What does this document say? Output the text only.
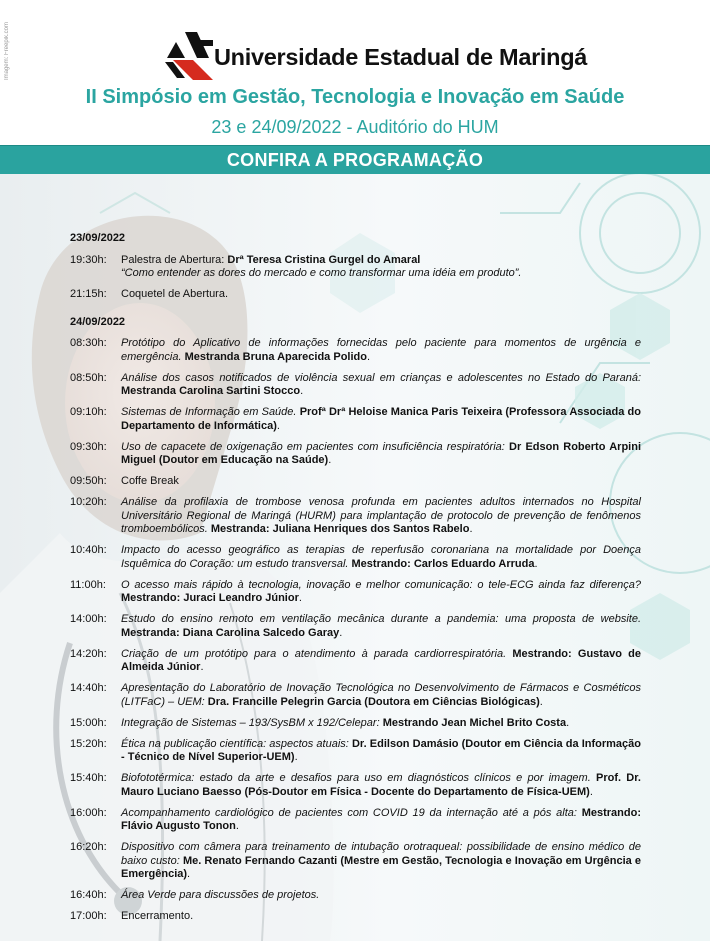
Imagem: Freepik.com	Universidade Estadual de Maringá
II Simpósio em Gestão, Tecnologia e Inovação em Saúde
23 e 24/09/2022 - Auditório do HUM
CONFIRA A PROGRAMAÇÃO
23/09/2022
19:30h:	Palestra de Abertura: Drª Teresa Cristina Gurgel do Amaral
“Como entender as dores do mercado e como transformar uma idéia em produto”.
21:15h:	Coquetel de Abertura.
24/09/2022
08:30h:	Protótipo do Aplicativo de informações fornecidas pelo paciente para momentos de urgência e emergência. Mestranda Bruna Aparecida Polido.
08:50h:	Análise dos casos notificados de violência sexual em crianças e adolescentes no Estado do Paraná: Mestranda Carolina Sartini Stocco.
09:10h:	Sistemas de Informação em Saúde. Profª Drª Heloise Manica Paris Teixeira (Professora Associada do Departamento de Informática).
09:30h:	Uso de capacete de oxigenação em pacientes com insuficiência respiratória: Dr Edson Roberto Arpini Miguel (Doutor em Educação na Saúde).
09:50h:	Coffe Break
10:20h:	Análise da profilaxia de trombose venosa profunda em pacientes adultos internados no Hospital Universitário Regional de Maringá (HURM) para implantação de protocolo de prevenção de fenômenos tromboembólicos. Mestranda: Juliana Henriques dos Santos Rabelo.
10:40h:	Impacto do acesso geográfico as terapias de reperfusão coronariana na mortalidade por Doença Isquêmica do Coração: um estudo transversal. Mestrando: Carlos Eduardo Arruda.
11:00h:	O acesso mais rápido à tecnologia, inovação e melhor comunicação: o tele-ECG ainda faz diferença? Mestrando: Juraci Leandro Júnior.
14:00h:	Estudo do ensino remoto em ventilação mecânica durante a pandemia: uma proposta de website. Mestranda: Diana Carolina Salcedo Garay.
14:20h:	Criação de um protótipo para o atendimento à parada cardiorrespiratória. Mestrando: Gustavo de Almeida Júnior.
14:40h:	Apresentação do Laboratório de Inovação Tecnológica no Desenvolvimento de Fármacos e Cosméticos (LITFaC) – UEM: Dra. Francille Pelegrin Garcia (Doutora em Ciências Biológicas).
15:00h:	Integração de Sistemas – 193/SysBM x 192/Celepar: Mestrando Jean Michel Brito Costa.
15:20h:	Ética na publicação científica: aspectos atuais: Dr. Edilson Damásio (Doutor em Ciência da Informação - Técnico de Nível Superior-UEM).
15:40h:	Biofototérmica: estado da arte e desafios para uso em diagnósticos clínicos e por imagem. Prof. Dr. Mauro Luciano Baesso (Pós-Doutor em Física - Docente do Departamento de Física-UEM).
16:00h:	Acompanhamento cardiológico de pacientes com COVID 19 da internação até a pós alta: Mestrando: Flávio Augusto Tonon.
16:20h:	Dispositivo com câmera para treinamento de intubação orotraqueal: possibilidade de ensino médico de baixo custo: Me. Renato Fernando Cazanti (Mestre em Gestão, Tecnologia e Inovação em Urgência e Emergência).
16:40h:	Área Verde para discussões de projetos.
17:00h:	Encerramento.
